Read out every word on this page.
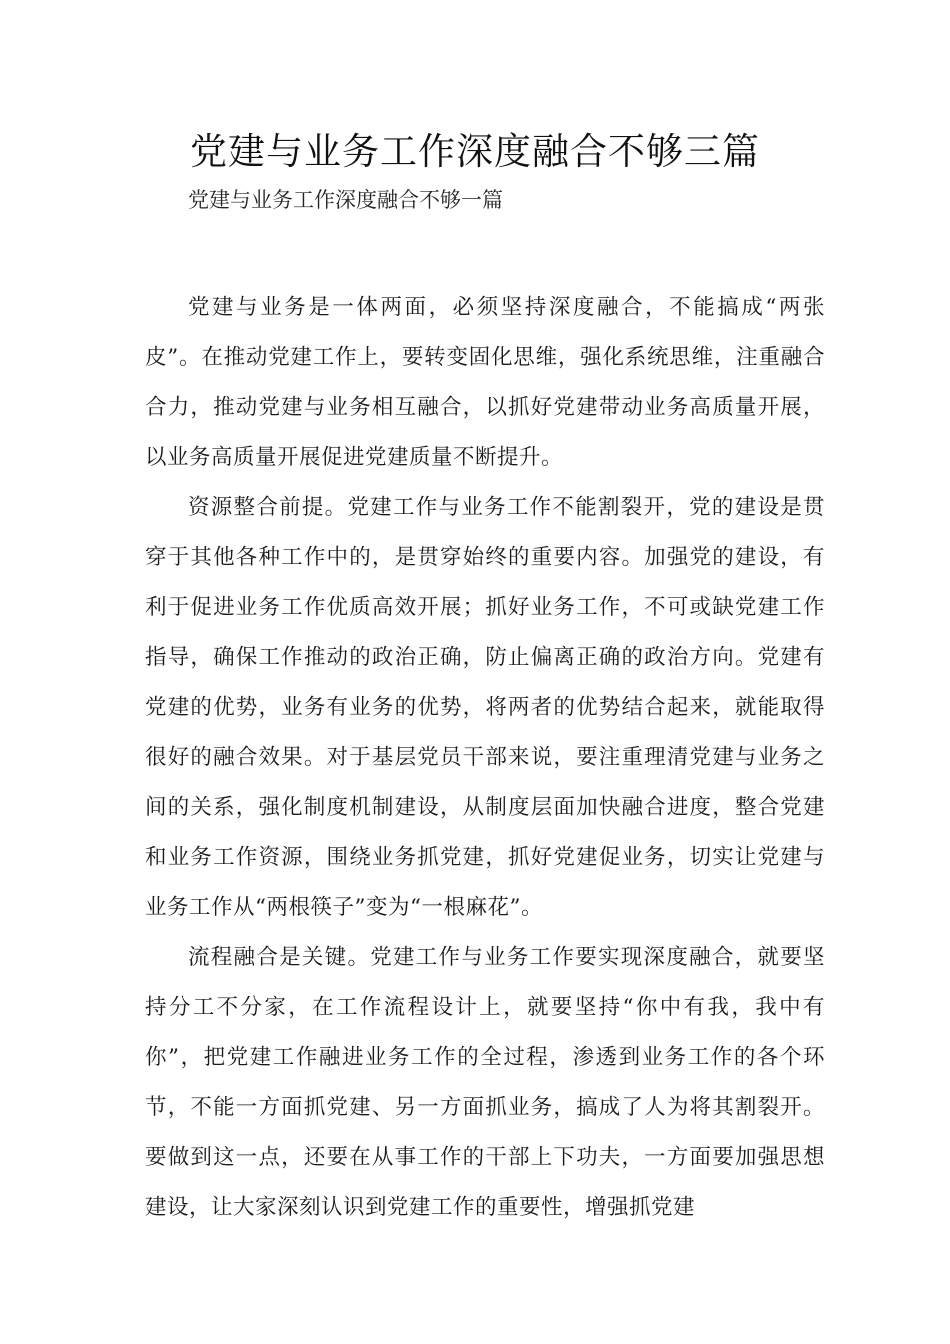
党建与业务工作深度融合不够三篇

党建与业务工作深度融合不够一篇

党建与业务是一体两面，必须坚持深度融合，不能搞成“两张皮”。在推动党建工作上，要转变固化思维，强化系统思维，注重融合合力，推动党建与业务相互融合，以抓好党建带动业务高质量开展，以业务高质量开展促进党建质量不断提升。

资源整合前提。党建工作与业务工作不能割裂开，党的建设是贯穿于其他各种工作中的，是贯穿始终的重要内容。加强党的建设，有利于促进业务工作优质高效开展；抓好业务工作，不可或缺党建工作指导，确保工作推动的政治正确，防止偏离正确的政治方向。党建有党建的优势，业务有业务的优势，将两者的优势结合起来，就能取得很好的融合效果。对于基层党员干部来说，要注重理清党建与业务之间的关系，强化制度机制建设，从制度层面加快融合进度，整合党建和业务工作资源，围绕业务抓党建，抓好党建促业务，切实让党建与业务工作从“两根筷子”变为“一根麻花”。

流程融合是关键。党建工作与业务工作要实现深度融合，就要坚持分工不分家，在工作流程设计上，就要坚持“你中有我，我中有你”，把党建工作融进业务工作的全过程，渗透到业务工作的各个环节，不能一方面抓党建、另一方面抓业务，搞成了人为将其割裂开。要做到这一点，还要在从事工作的干部上下功夫，一方面要加强思想建设，让大家深刻认识到党建工作的重要性，增强抓党建
